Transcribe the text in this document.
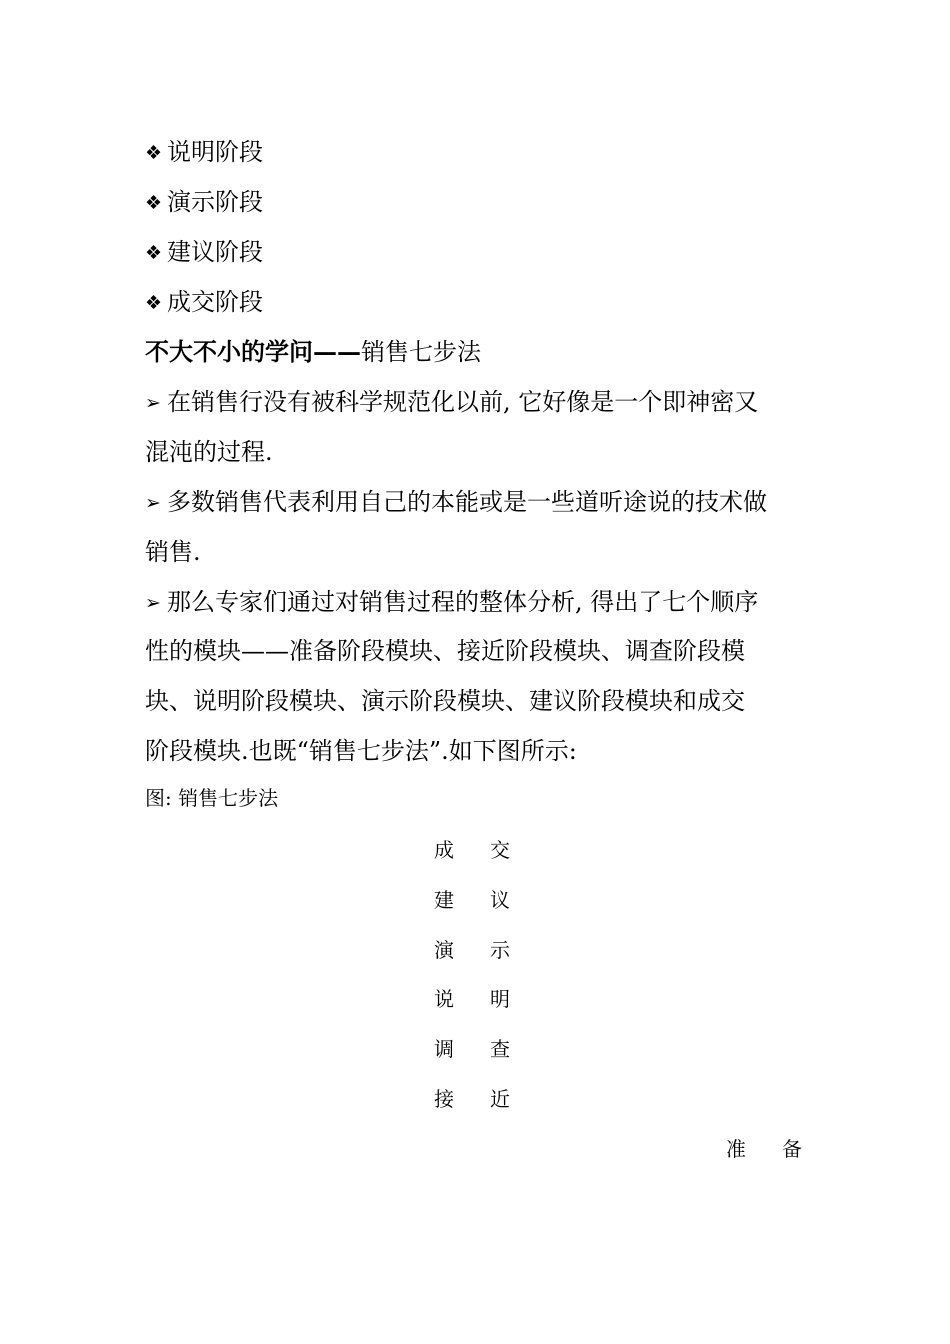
❖ 说明阶段
❖ 演示阶段
❖ 建议阶段
❖ 成交阶段
不大不小的学问——销售七步法
➢ 在销售行没有被科学规范化以前, 它好像是一个即神密又
混沌的过程.
➢ 多数销售代表利用自己的本能或是一些道听途说的技术做
销售.
➢ 那么专家们通过对销售过程的整体分析, 得出了七个顺序
性的模块——准备阶段模块、接近阶段模块、调查阶段模
块、说明阶段模块、演示阶段模块、建议阶段模块和成交
阶段模块.也既“销售七步法”.如下图所示:
图: 销售七步法
成 交
建 议
演 示
说 明
调 查
接 近
准 备
